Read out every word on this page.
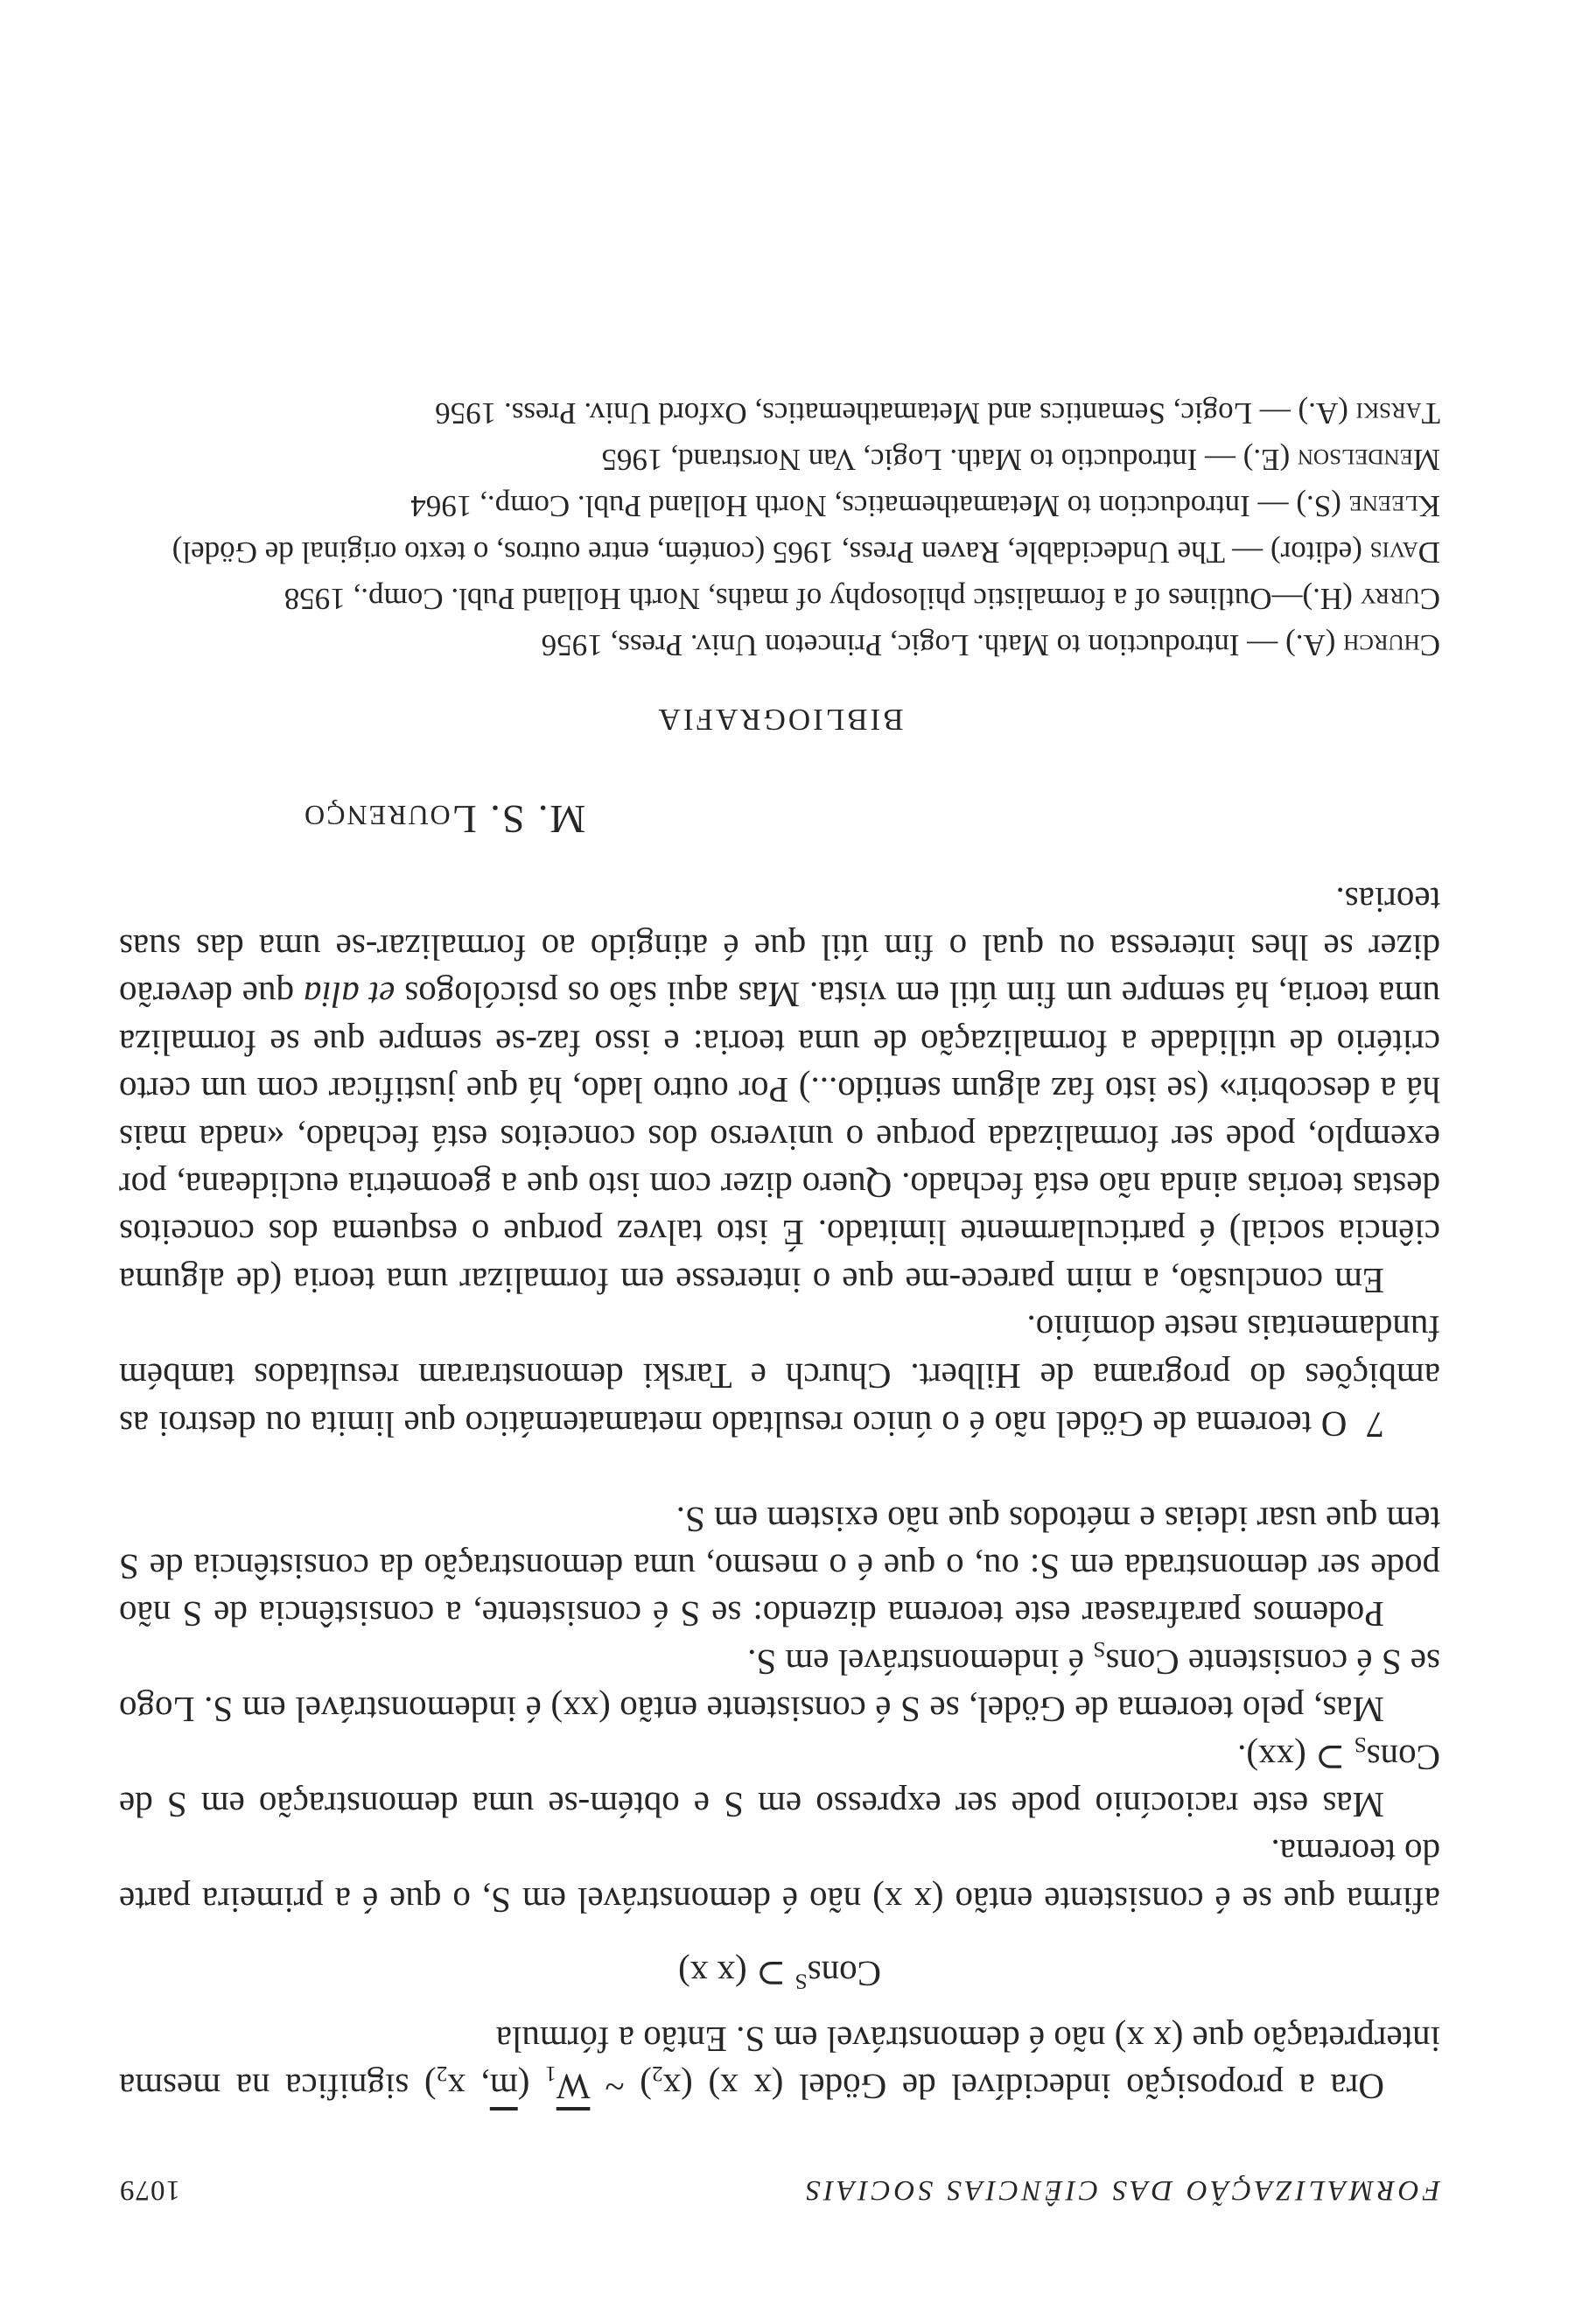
FORMALIZAÇÃO DAS CIÊNCIAS SOCIAIS
1079

Ora a proposição indecidível de Gödel (x x) $(x_2)$ ~ $\overline{W}_1$ ($\overline{m}$, $x_2$) significa na mesma interpretação que (x x) não é demonstrável em S. Então a fórmula

Cons$^S$ ⊃ (x x)

afirma que se é consistente então (x x) não é demonstrável em S, o que é a primeira parte do teorema.

Mas este raciocínio pode ser expresso em S e obtém-se uma demonstração em S de Cons$_S$ ⊃ (xx).

Mas, pelo teorema de Gödel, se S é consistente então (xx) é indemonstrável em S. Logo se S é consistente Cons$_S$ é indemonstrável em S.

Podemos parafrasear este teorema dizendo: se S é consistente, a consistência de S não pode ser demonstrada em S: ou, o que é o mesmo, uma demonstração da consistência de S tem que usar ideias e métodos que não existem em S.

7  O teorema de Gödel não é o único resultado metamatemático que limita ou destroi as ambições do programa de Hilbert. Church e Tarski demonstraram resultados também fundamentais neste domínio.

Em conclusão, a mim parece-me que o interesse em formalizar uma teoria (de alguma ciência social) é particularmente limitado. É isto talvez porque o esquema dos conceitos destas teorias ainda não está fechado. Quero dizer com isto que a geometria euclideana, por exemplo, pode ser formalizada porque o universo dos conceitos está fechado, «nada mais há a descobrir» (se isto faz algum sentido...) Por outro lado, há que justificar com um certo critério de utilidade a formalização de uma teoria: e isso faz-se sempre que se formaliza uma teoria, há sempre um fim útil em vista. Mas aqui são os psicólogos et alia que deverão dizer se lhes interessa ou qual o fim útil que é atingido ao formalizar-se uma das suas teorias.

M. S. Lourenço
BIBLIOGRAFIA

Church (A.) — Introduction to Math. Logic, Princeton Univ. Press, 1956

Curry (H.)—Outlines of a formalistic philosophy of maths, North Holland Publ. Comp., 1958

Davis (editor) — The Undecidable, Raven Press, 1965 (contém, entre outros, o texto original de Gödel)

Kleene (S.) — Introduction to Metamathematics, North Holland Publ. Comp., 1964

Mendelson (E.) — Introductio to Math. Logic, Van Norstrand, 1965

Tarski (A.) — Logic, Semantics and Metamathematics, Oxford Univ. Press. 1956
